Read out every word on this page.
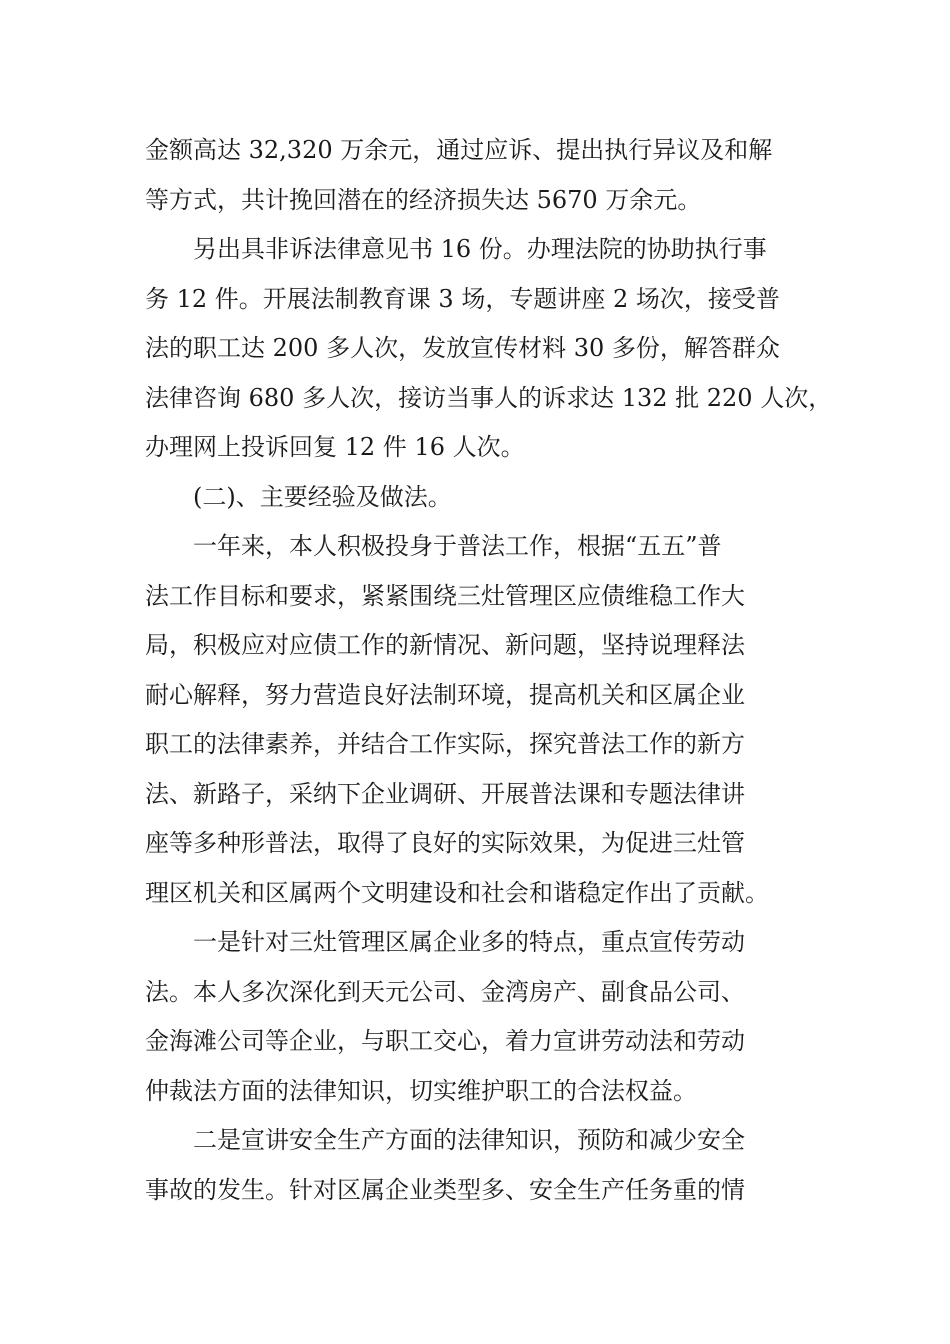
金额高达 32,320 万余元，通过应诉、提出执行异议及和解
等方式，共计挽回潜在的经济损失达 5670 万余元。

另出具非诉法律意见书 16 份。办理法院的协助执行事
务 12 件。开展法制教育课 3 场，专题讲座 2 场次，接受普
法的职工达 200 多人次，发放宣传材料 30 多份，解答群众
法律咨询 680 多人次，接访当事人的诉求达 132 批 220 人次，
办理网上投诉回复 12 件 16 人次。

(二)、主要经验及做法。

一年来，本人积极投身于普法工作，根据“五五”普
法工作目标和要求，紧紧围绕三灶管理区应债维稳工作大
局，积极应对应债工作的新情况、新问题，坚持说理释法
耐心解释，努力营造良好法制环境，提高机关和区属企业
职工的法律素养，并结合工作实际，探究普法工作的新方
法、新路子，采纳下企业调研、开展普法课和专题法律讲
座等多种形普法，取得了良好的实际效果，为促进三灶管
理区机关和区属两个文明建设和社会和谐稳定作出了贡献。

一是针对三灶管理区属企业多的特点，重点宣传劳动
法。本人多次深化到天元公司、金湾房产、副食品公司、
金海滩公司等企业，与职工交心，着力宣讲劳动法和劳动
仲裁法方面的法律知识，切实维护职工的合法权益。

二是宣讲安全生产方面的法律知识，预防和减少安全
事故的发生。针对区属企业类型多、安全生产任务重的情
